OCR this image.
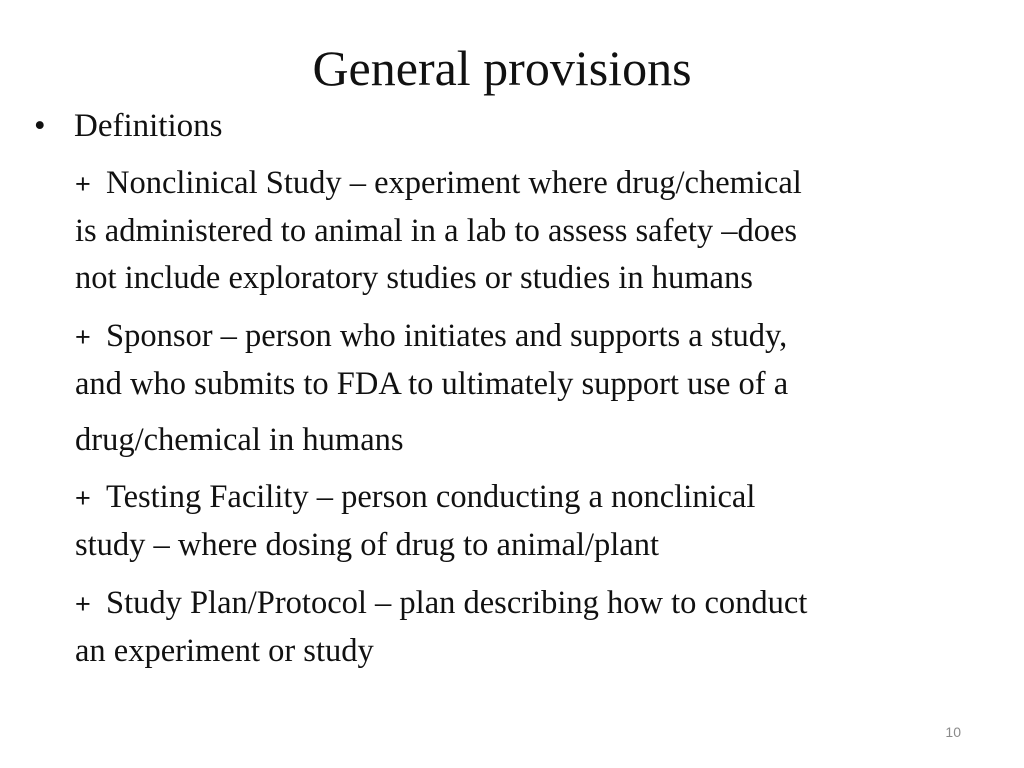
General provisions
• Definitions
+ Nonclinical Study – experiment where drug/chemical
is administered to animal in a lab to assess safety –does
not include exploratory studies or studies in humans
+ Sponsor – person who initiates and supports a study,
and who submits to FDA to ultimately support use of a
drug/chemical in humans
+ Testing Facility – person conducting a nonclinical
study – where dosing of drug to animal/plant
+ Study Plan/Protocol – plan describing how to conduct
an experiment or study
10
